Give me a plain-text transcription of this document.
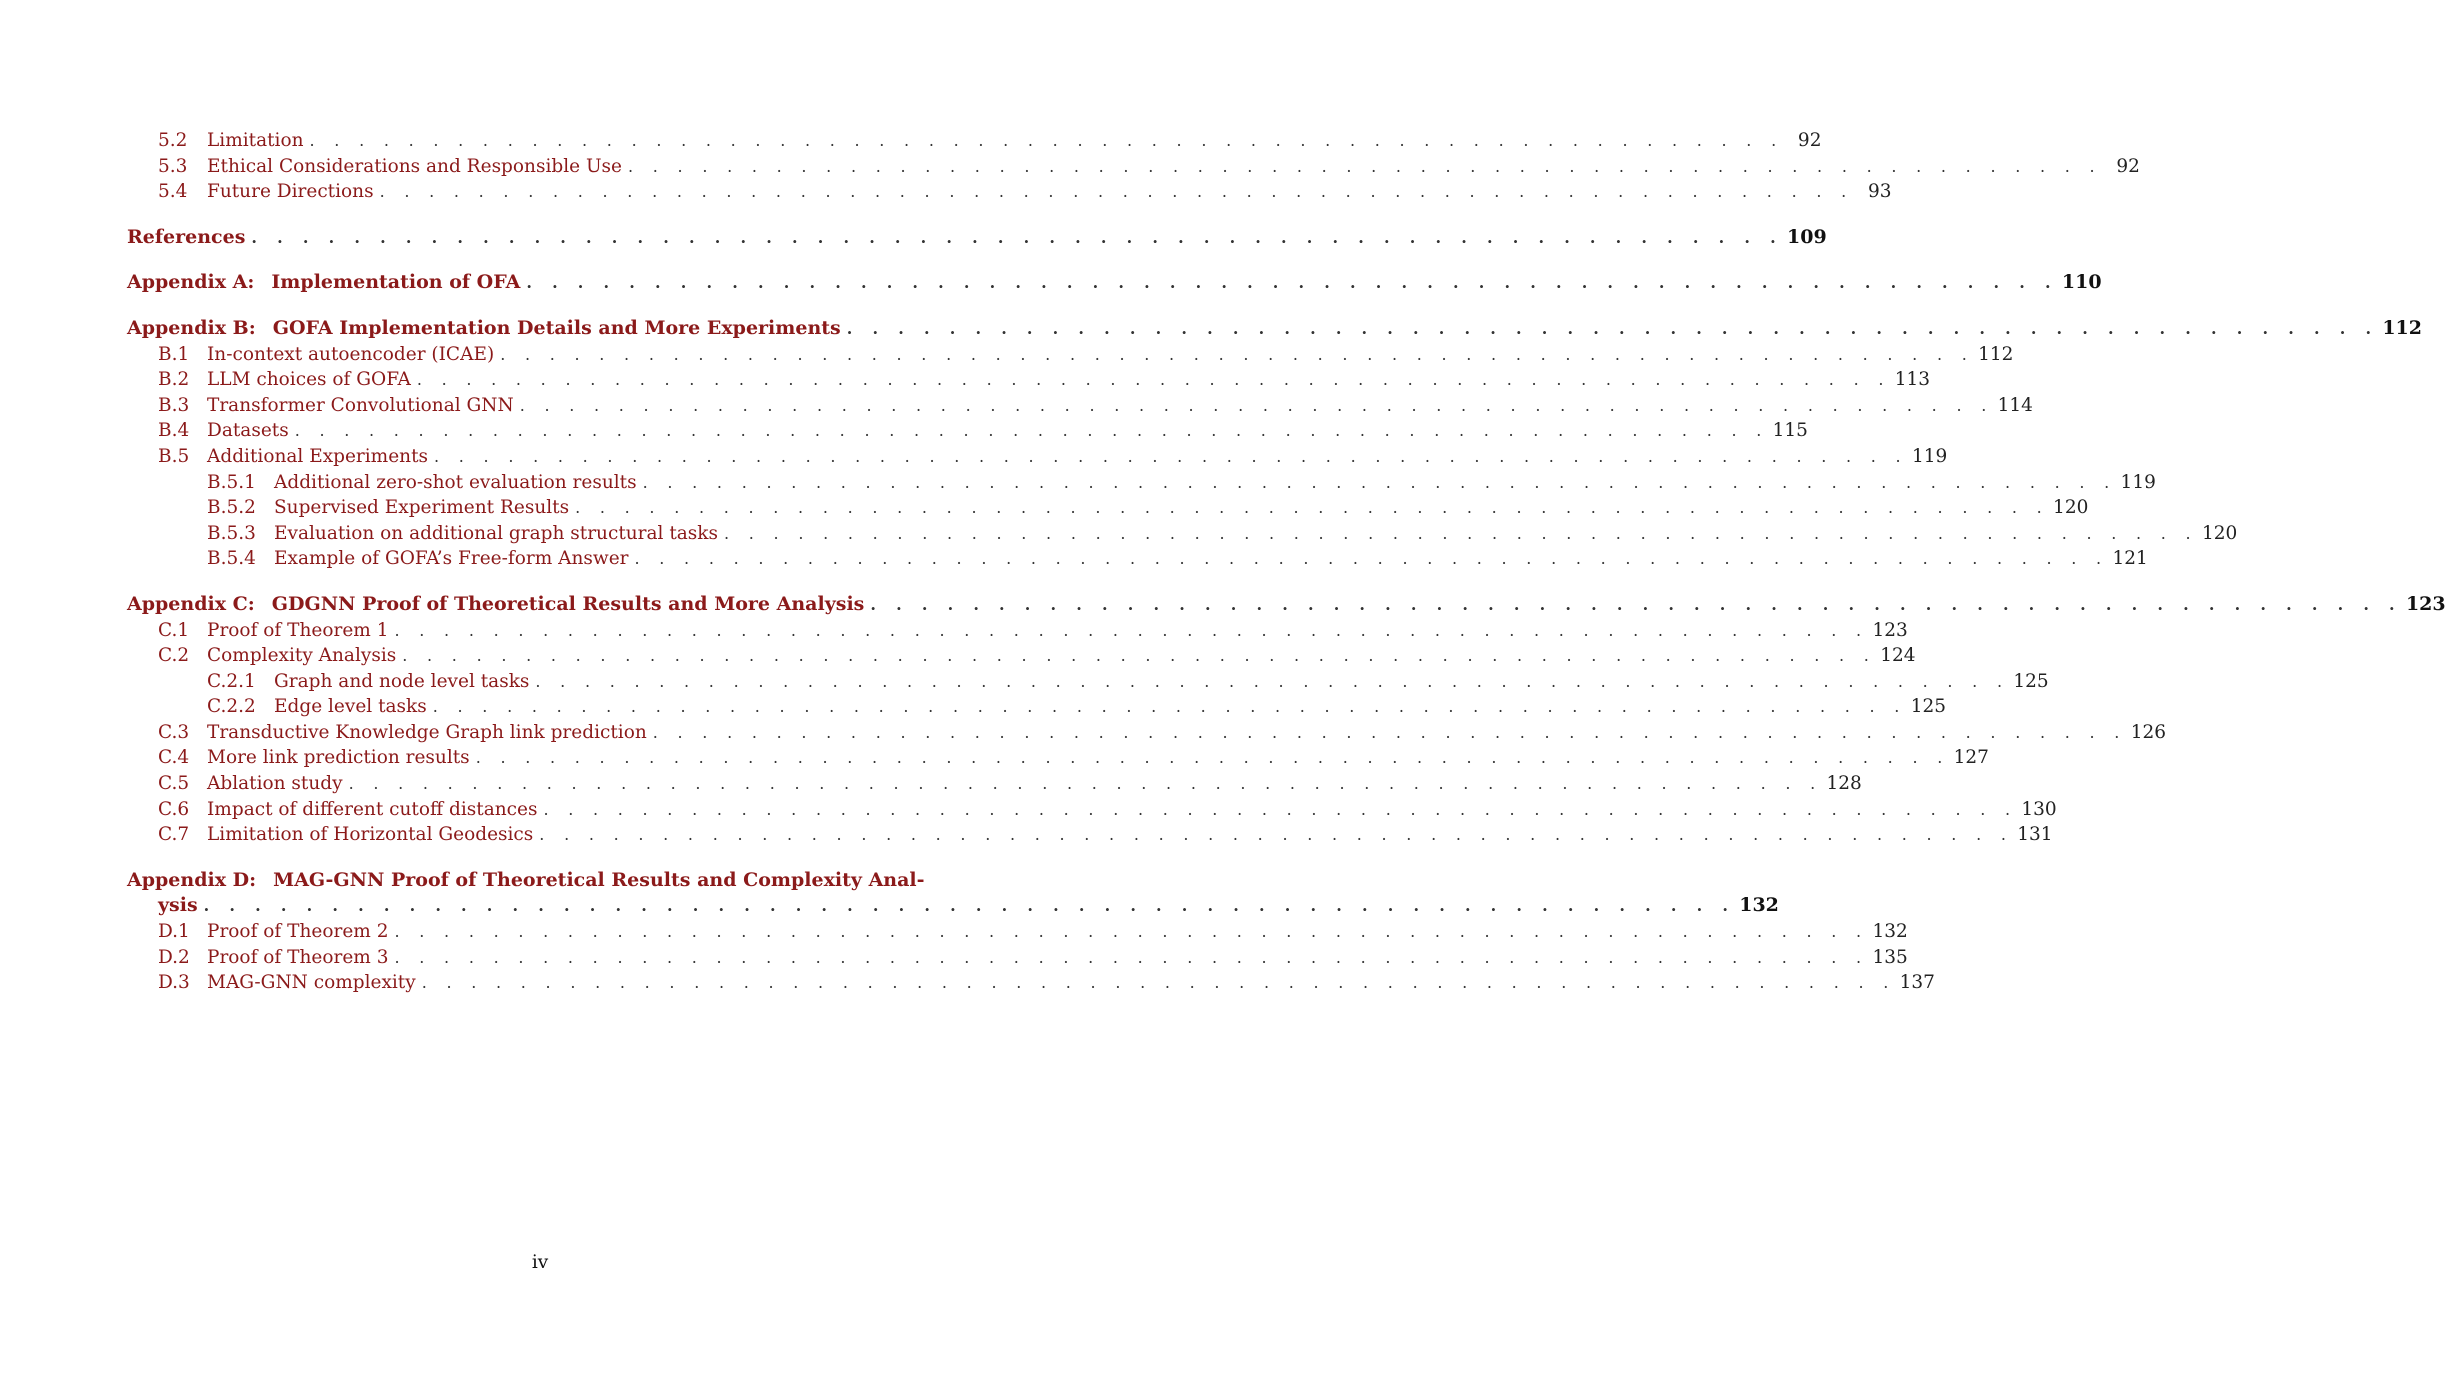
5.2	Limitation . . . . . . . . . . . . . . . . . . . . . . . . . . . . . . . . . . . . . . . . . . . . . . . . . . . . . . . . . . . . 92
5.3	Ethical Considerations and Responsible Use . . . . . . . . . . . . . . . . . . . . . . . . . . . . . . . . . . . . . . . . . . . . . . . . . . . . . . . . . . . . 92
5.4	Future Directions . . . . . . . . . . . . . . . . . . . . . . . . . . . . . . . . . . . . . . . . . . . . . . . . . . . . . . . . . . . . 93
References . . . . . . . . . . . . . . . . . . . . . . . . . . . . . . . . . . . . . . . . . . . . . . . . . . . . . . . . . . . . 109
Appendix A: Implementation of OFA . . . . . . . . . . . . . . . . . . . . . . . . . . . . . . . . . . . . . . . . . . . . . . . . . . . . . . . . . . . . 110
Appendix B: GOFA Implementation Details and More Experiments . . . . . . . . . . . . . . . . . . . . . . . . . . . . . . . . . . . . . . . . . . . . . . . . . . . . . . . . . . . . 112
B.1 In-context autoencoder (ICAE) . . . . . . . . . . . . . . . . . . . . . . . . . . . . . . . . . . . . . . . . . . . . . . . . . . . . . . . . . . . . 112
B.2 LLM choices of GOFA . . . . . . . . . . . . . . . . . . . . . . . . . . . . . . . . . . . . . . . . . . . . . . . . . . . . . . . . . . . . 113
B.3 Transformer Convolutional GNN . . . . . . . . . . . . . . . . . . . . . . . . . . . . . . . . . . . . . . . . . . . . . . . . . . . . . . . . . . . . 114
B.4 Datasets . . . . . . . . . . . . . . . . . . . . . . . . . . . . . . . . . . . . . . . . . . . . . . . . . . . . . . . . . . . . 115
B.5 Additional Experiments . . . . . . . . . . . . . . . . . . . . . . . . . . . . . . . . . . . . . . . . . . . . . . . . . . . . . . . . . . . . 119
B.5.1 Additional zero-shot evaluation results . . . . . . . . . . . . . . . . . . . . . . . . . . . . . . . . . . . . . . . . . . . . . . . . . . . . . . . . . . . . 119
B.5.2 Supervised Experiment Results . . . . . . . . . . . . . . . . . . . . . . . . . . . . . . . . . . . . . . . . . . . . . . . . . . . . . . . . . . . . 120
B.5.3 Evaluation on additional graph structural tasks . . . . . . . . . . . . . . . . . . . . . . . . . . . . . . . . . . . . . . . . . . . . . . . . . . . . . . . . . . . . 120
B.5.4 Example of GOFA’s Free-form Answer . . . . . . . . . . . . . . . . . . . . . . . . . . . . . . . . . . . . . . . . . . . . . . . . . . . . . . . . . . . . 121
Appendix C: GDGNN Proof of Theoretical Results and More Analysis . . . . . . . . . . . . . . . . . . . . . . . . . . . . . . . . . . . . . . . . . . . . . . . . . . . . . . . . . . . . 123
C.1 Proof of Theorem 1 . . . . . . . . . . . . . . . . . . . . . . . . . . . . . . . . . . . . . . . . . . . . . . . . . . . . . . . . . . . . 123
C.2 Complexity Analysis . . . . . . . . . . . . . . . . . . . . . . . . . . . . . . . . . . . . . . . . . . . . . . . . . . . . . . . . . . . . 124
C.2.1 Graph and node level tasks . . . . . . . . . . . . . . . . . . . . . . . . . . . . . . . . . . . . . . . . . . . . . . . . . . . . . . . . . . . . 125
C.2.2 Edge level tasks . . . . . . . . . . . . . . . . . . . . . . . . . . . . . . . . . . . . . . . . . . . . . . . . . . . . . . . . . . . . 125
C.3 Transductive Knowledge Graph link prediction . . . . . . . . . . . . . . . . . . . . . . . . . . . . . . . . . . . . . . . . . . . . . . . . . . . . . . . . . . . . 126
C.4 More link prediction results . . . . . . . . . . . . . . . . . . . . . . . . . . . . . . . . . . . . . . . . . . . . . . . . . . . . . . . . . . . . 127
C.5 Ablation study . . . . . . . . . . . . . . . . . . . . . . . . . . . . . . . . . . . . . . . . . . . . . . . . . . . . . . . . . . . . 128
C.6 Impact of different cutoff distances . . . . . . . . . . . . . . . . . . . . . . . . . . . . . . . . . . . . . . . . . . . . . . . . . . . . . . . . . . . . 130
C.7 Limitation of Horizontal Geodesics . . . . . . . . . . . . . . . . . . . . . . . . . . . . . . . . . . . . . . . . . . . . . . . . . . . . . . . . . . . . 131
Appendix D: MAG-GNN Proof of Theoretical Results and Complexity Anal-
ysis . . . . . . . . . . . . . . . . . . . . . . . . . . . . . . . . . . . . . . . . . . . . . . . . . . . . . . . . . . . . 132
D.1 Proof of Theorem 2 . . . . . . . . . . . . . . . . . . . . . . . . . . . . . . . . . . . . . . . . . . . . . . . . . . . . . . . . . . . . 132
D.2 Proof of Theorem 3 . . . . . . . . . . . . . . . . . . . . . . . . . . . . . . . . . . . . . . . . . . . . . . . . . . . . . . . . . . . . 135
D.3 MAG-GNN complexity . . . . . . . . . . . . . . . . . . . . . . . . . . . . . . . . . . . . . . . . . . . . . . . . . . . . . . . . . . . . 137
iv
